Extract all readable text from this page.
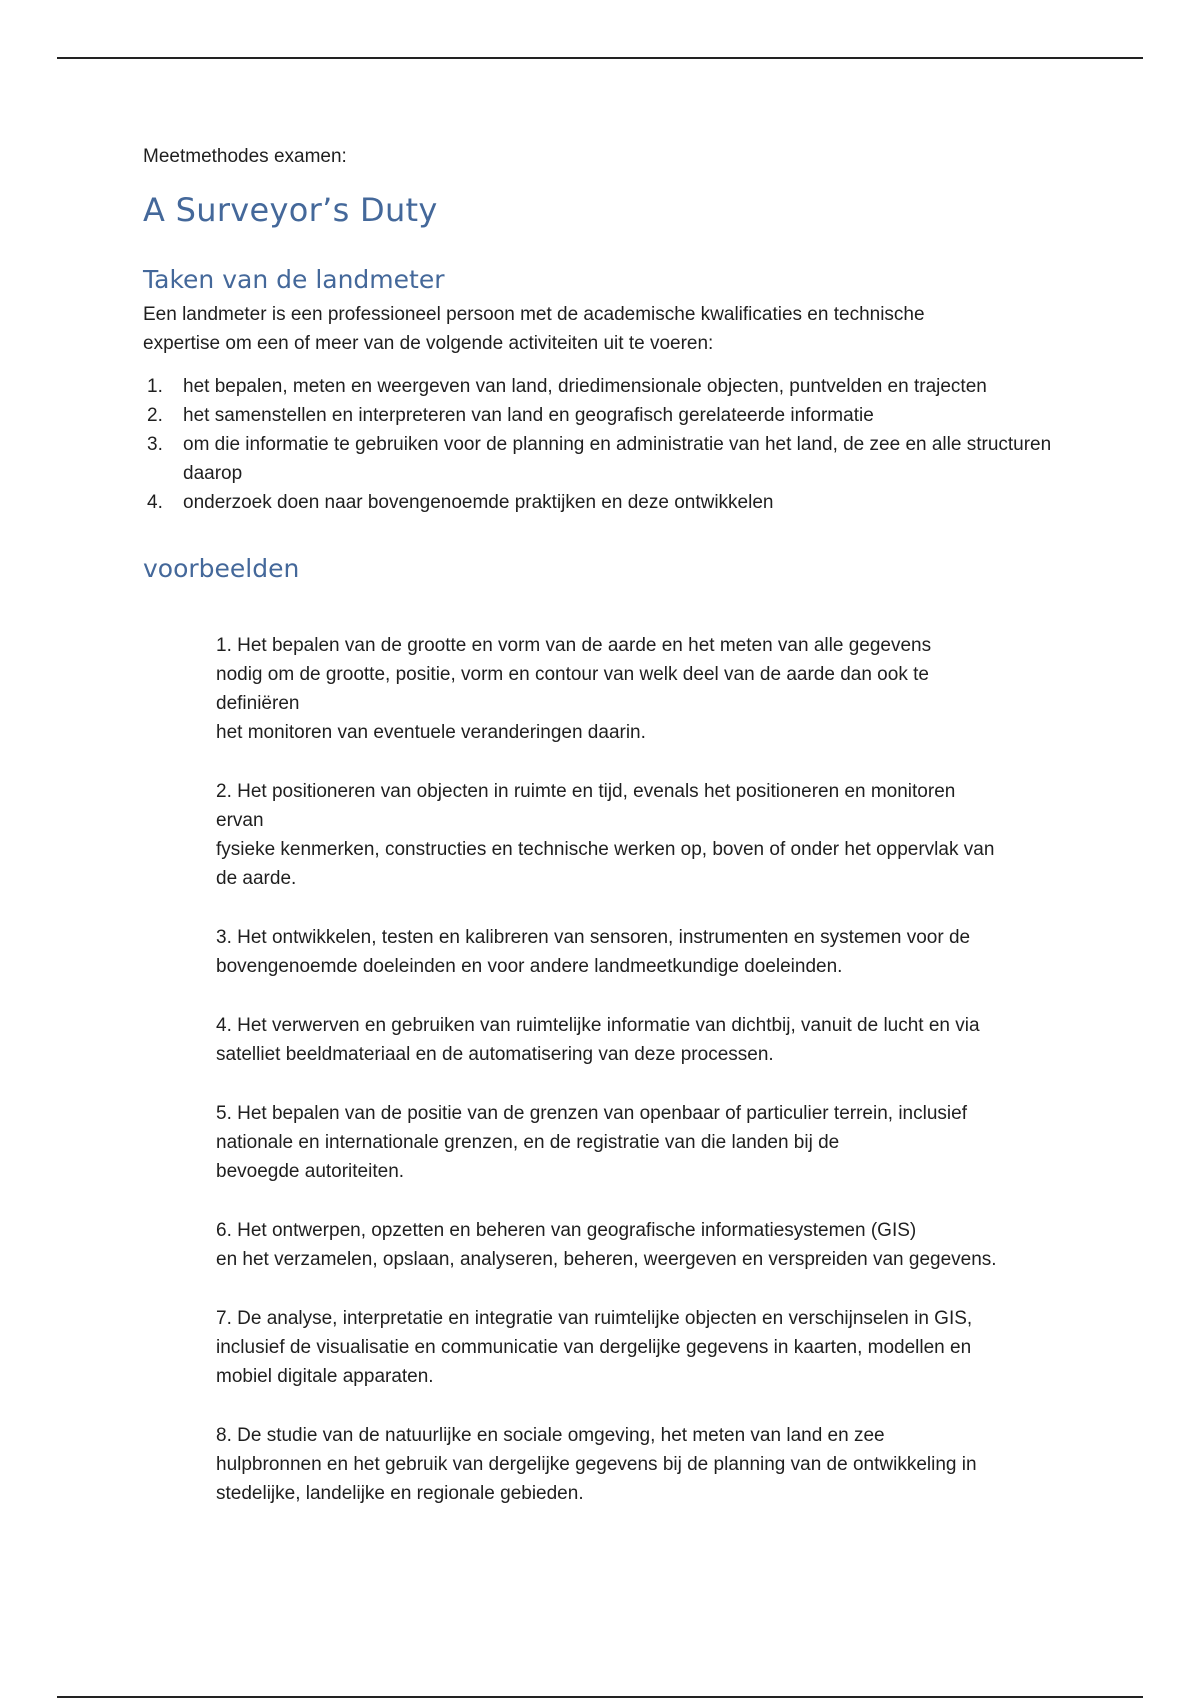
Meetmethodes examen:

A Surveyor’s Duty
Taken van de landmeter

Een landmeter is een professioneel persoon met de academische kwalificaties en technische
expertise om een of meer van de volgende activiteiten uit te voeren:

1. het bepalen, meten en weergeven van land, driedimensionale objecten, puntvelden en trajecten
2. het samenstellen en interpreteren van land en geografisch gerelateerde informatie
3. om die informatie te gebruiken voor de planning en administratie van het land, de zee en alle structuren daarop
4. onderzoek doen naar bovengenoemde praktijken en deze ontwikkelen
voorbeelden
1. Het bepalen van de grootte en vorm van de aarde en het meten van alle gegevens
nodig om de grootte, positie, vorm en contour van welk deel van de aarde dan ook te
definiëren
het monitoren van eventuele veranderingen daarin.
2. Het positioneren van objecten in ruimte en tijd, evenals het positioneren en monitoren
ervan
fysieke kenmerken, constructies en technische werken op, boven of onder het oppervlak van
de aarde.
3. Het ontwikkelen, testen en kalibreren van sensoren, instrumenten en systemen voor de
bovengenoemde doeleinden en voor andere landmeetkundige doeleinden.
4. Het verwerven en gebruiken van ruimtelijke informatie van dichtbij, vanuit de lucht en via
satelliet beeldmateriaal en de automatisering van deze processen.
5. Het bepalen van de positie van de grenzen van openbaar of particulier terrein, inclusief
nationale en internationale grenzen, en de registratie van die landen bij de
bevoegde autoriteiten.
6. Het ontwerpen, opzetten en beheren van geografische informatiesystemen (GIS)
en het verzamelen, opslaan, analyseren, beheren, weergeven en verspreiden van gegevens.
7. De analyse, interpretatie en integratie van ruimtelijke objecten en verschijnselen in GIS,
inclusief de visualisatie en communicatie van dergelijke gegevens in kaarten, modellen en
mobiel digitale apparaten.
8. De studie van de natuurlijke en sociale omgeving, het meten van land en zee
hulpbronnen en het gebruik van dergelijke gegevens bij de planning van de ontwikkeling in
stedelijke, landelijke en regionale gebieden.
